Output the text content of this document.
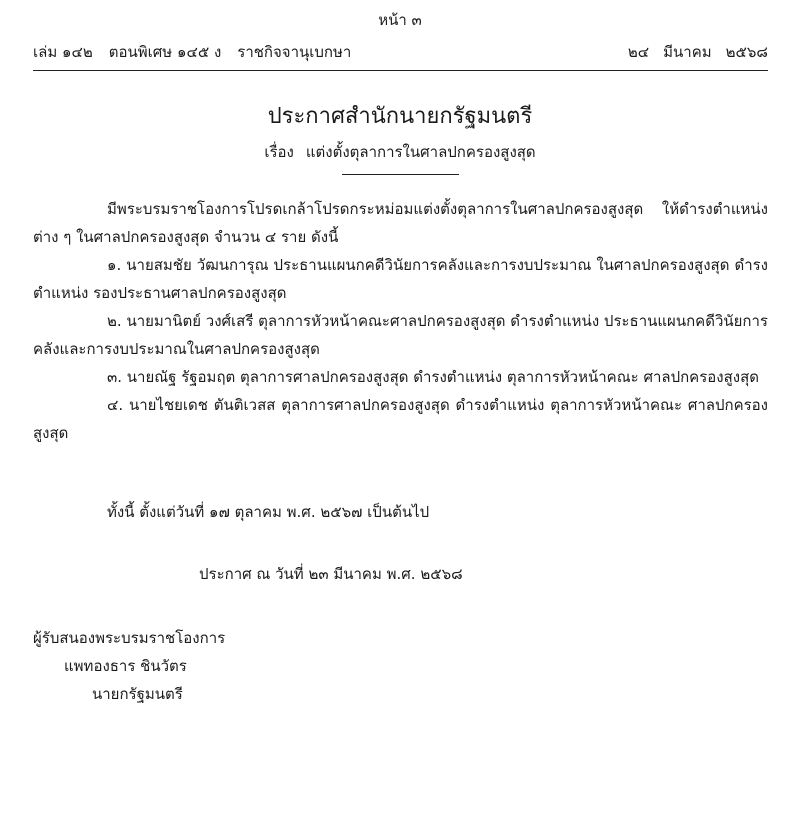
หน้า ๓
เล่ม ๑๔๒ ตอนพิเศษ ๑๔๕ ง ราชกิจจานุเบกษา	๒๔ มีนาคม ๒๕๖๘
ประกาศสำนักนายกรัฐมนตรี
เรื่อง แต่งตั้งตุลาการในศาลปกครองสูงสุด

มีพระบรมราชโองการโปรดเกล้าโปรดกระหม่อมแต่งตั้งตุลาการในศาลปกครองสูงสุด ให้ดำรงตำแหน่งต่าง ๆ ในศาลปกครองสูงสุด จำนวน ๔ ราย ดังนี้

๑. นายสมชัย วัฒนการุณ ประธานแผนกคดีวินัยการคลังและการงบประมาณ ในศาลปกครองสูงสุด ดำรงตำแหน่ง รองประธานศาลปกครองสูงสุด

๒. นายมานิตย์ วงศ์เสรี ตุลาการหัวหน้าคณะศาลปกครองสูงสุด ดำรงตำแหน่ง ประธานแผนกคดีวินัยการคลังและการงบประมาณในศาลปกครองสูงสุด

๓. นายณัฐ รัฐอมฤต ตุลาการศาลปกครองสูงสุด ดำรงตำแหน่ง ตุลาการหัวหน้าคณะ ศาลปกครองสูงสุด

๔. นายไชยเดช ตันติเวสส ตุลาการศาลปกครองสูงสุด ดำรงตำแหน่ง ตุลาการหัวหน้าคณะ ศาลปกครองสูงสุด

ทั้งนี้ ตั้งแต่วันที่ ๑๗ ตุลาคม พ.ศ. ๒๕๖๗ เป็นต้นไป
ประกาศ ณ วันที่ ๒๓ มีนาคม พ.ศ. ๒๕๖๘
ผู้รับสนองพระบรมราชโองการ
แพทองธาร ชินวัตร
นายกรัฐมนตรี
